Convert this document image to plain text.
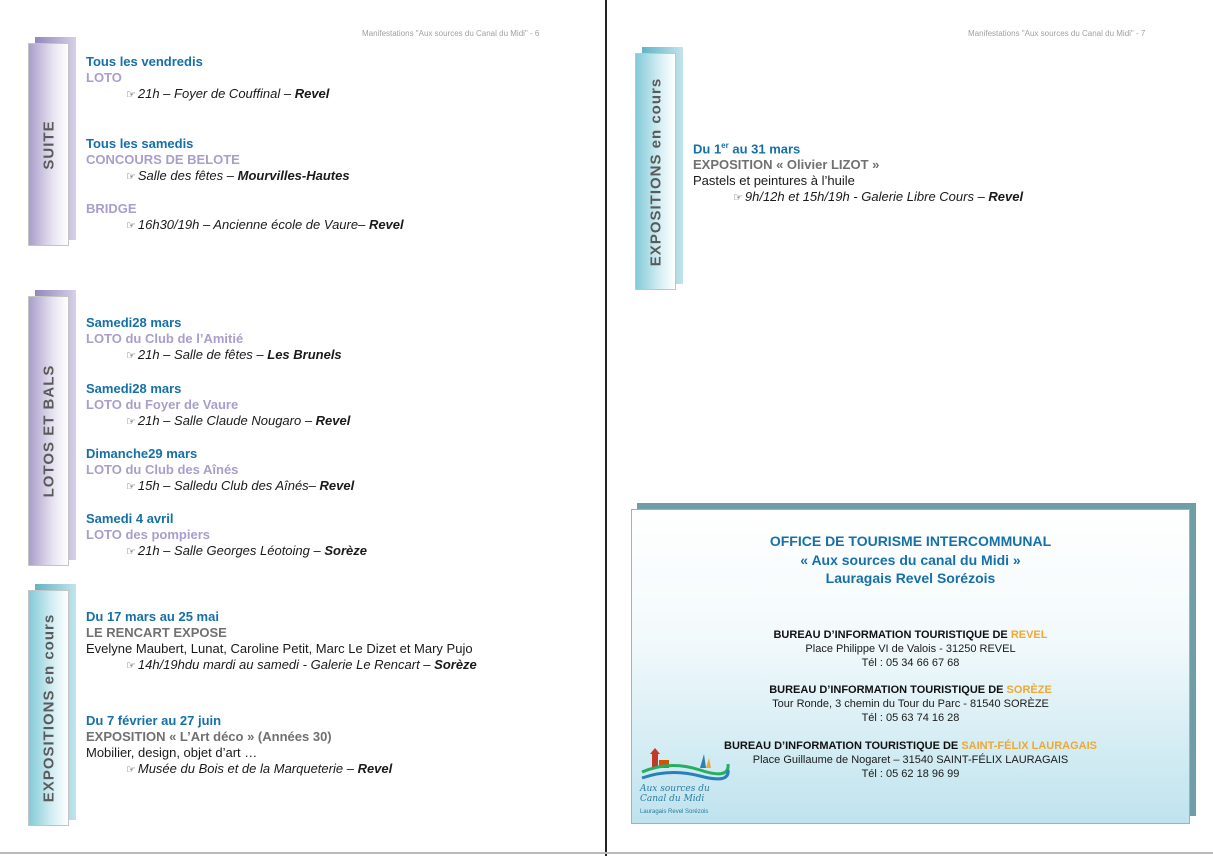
Manifestations "Aux sources du Canal du Midi" - 6	Manifestations "Aux sources du Canal du Midi" - 7
SUITE
LOTOS ET BALS
EXPOSITIONS en cours
Tous les vendredis
LOTO
☞ 21h – Foyer de Couffinal – Revel
Tous les samedis
CONCOURS DE BELOTE
☞ Salle des fêtes – Mourvilles-Hautes
BRIDGE
☞ 16h30/19h – Ancienne école de Vaure– Revel
Samedi28 mars
LOTO du Club de l’Amitié
☞ 21h – Salle de fêtes – Les Brunels
Samedi28 mars
LOTO du Foyer de Vaure
☞ 21h – Salle Claude Nougaro – Revel
Dimanche29 mars
LOTO du Club des Aînés
☞ 15h – Salledu Club des Aînés– Revel
Samedi 4 avril
LOTO des pompiers
☞ 21h – Salle Georges Léotoing – Sorèze
Du 17 mars au 25 mai
LE RENCART EXPOSE
Evelyne Maubert, Lunat, Caroline Petit, Marc Le Dizet et Mary Pujo
☞ 14h/19hdu mardi au samedi - Galerie Le Rencart – Sorèze
Du 7 février au 27 juin
EXPOSITION « L’Art déco » (Années 30)
Mobilier, design, objet d’art …
☞ Musée du Bois et de la Marqueterie – Revel
EXPOSITIONS en cours Du 1er au 31 mars
EXPOSITION « Olivier LIZOT »
Pastels et peintures à l’huile
☞ 9h/12h et 15h/19h - Galerie Libre Cours – Revel
OFFICE DE TOURISME INTERCOMMUNAL
« Aux sources du canal du Midi »
Lauragais Revel Sorézois
BUREAU D’INFORMATION TOURISTIQUE DE REVEL
Place Philippe VI de Valois - 31250 REVEL
Tél : 05 34 66 67 68
BUREAU D’INFORMATION TOURISTIQUE DE SORÈZE
Tour Ronde, 3 chemin du Tour du Parc - 81540 SORÈZE
Tél : 05 63 74 16 28
BUREAU D’INFORMATION TOURISTIQUE DE SAINT-FÉLIX LAURAGAIS
Place Guillaume de Nogaret – 31540 SAINT-FÉLIX LAURAGAIS
Tél : 05 62 18 96 99
Aux sources du Canal du Midi
Lauragais Revel Sorézois
